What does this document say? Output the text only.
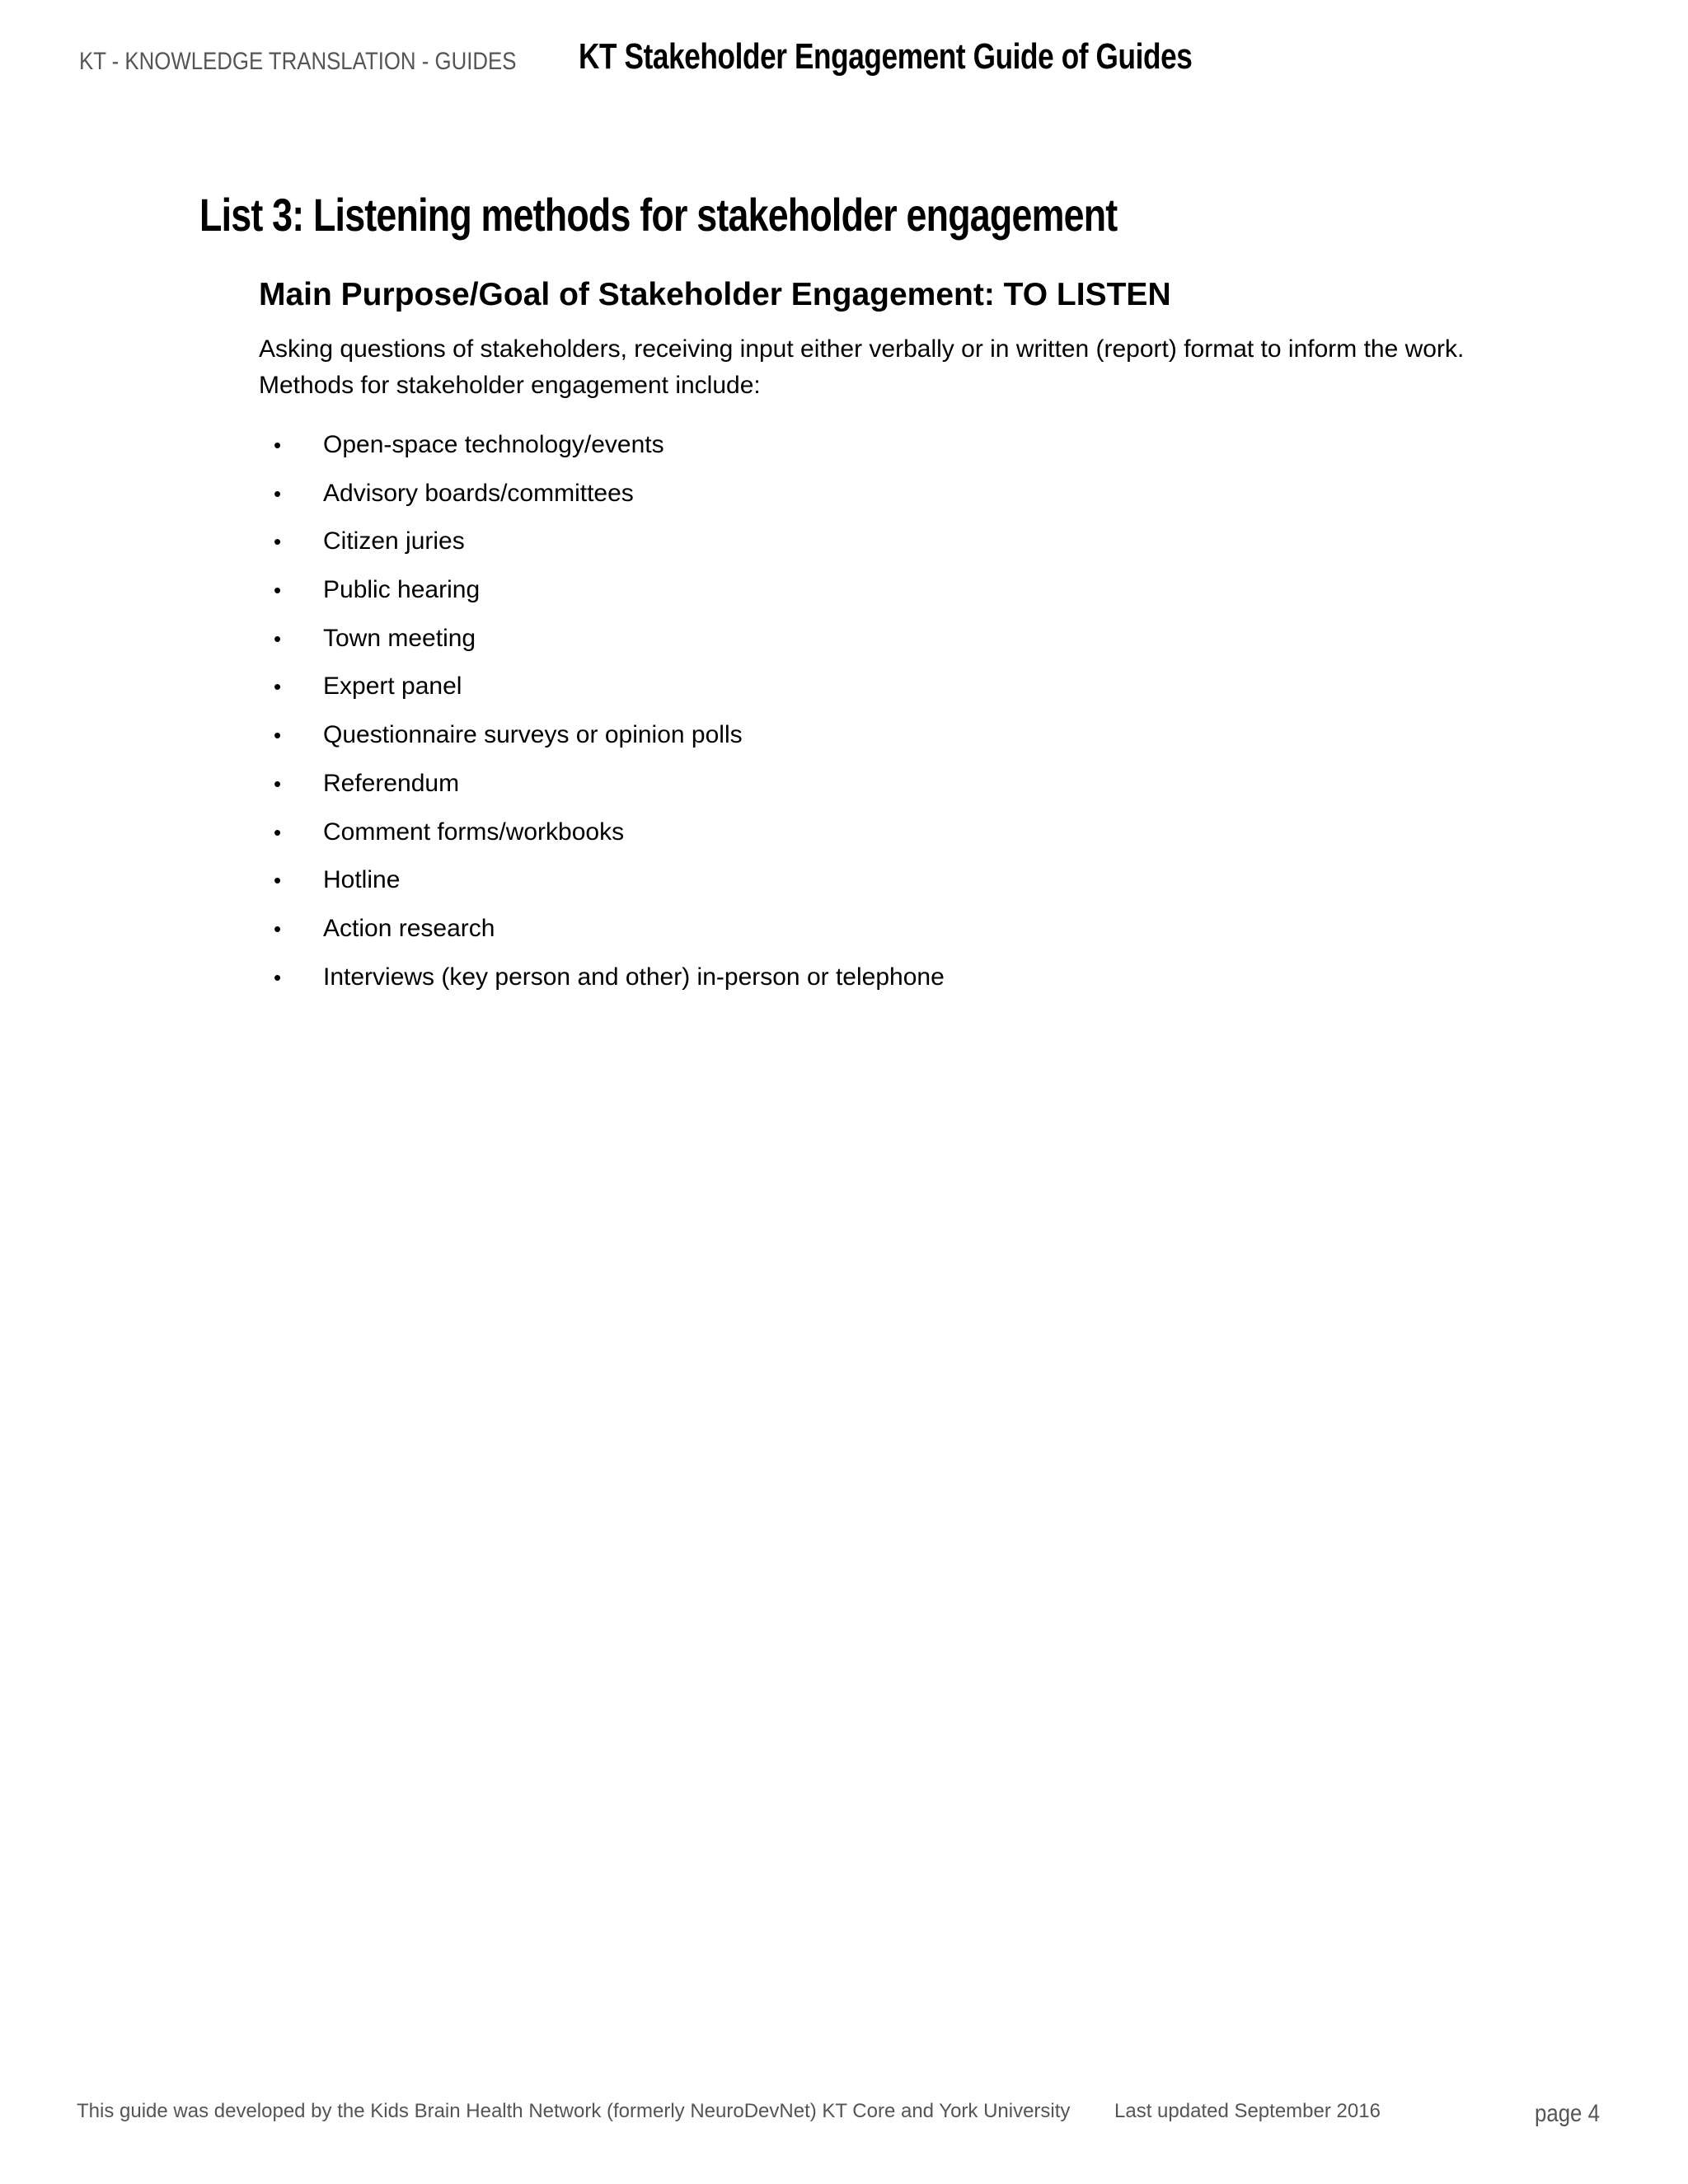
KT - KNOWLEDGE TRANSLATION - GUIDES KT Stakeholder Engagement Guide of Guides
List 3: Listening methods for stakeholder engagement
Main Purpose/Goal of Stakeholder Engagement: TO LISTEN
Asking questions of stakeholders, receiving input either verbally or in written (report) format to inform the work.
Methods for stakeholder engagement include:
•	Open-space technology/events
•	Advisory boards/committees
•	Citizen juries
•	Public hearing
•	Town meeting
•	Expert panel
•	Questionnaire surveys or opinion polls
•	Referendum
•	Comment forms/workbooks
•	Hotline
•	Action research
•	Interviews (key person and other) in-person or telephone
This guide was developed by the Kids Brain Health Network (formerly NeuroDevNet) KT Core and York University Last updated September 2016	page 4
